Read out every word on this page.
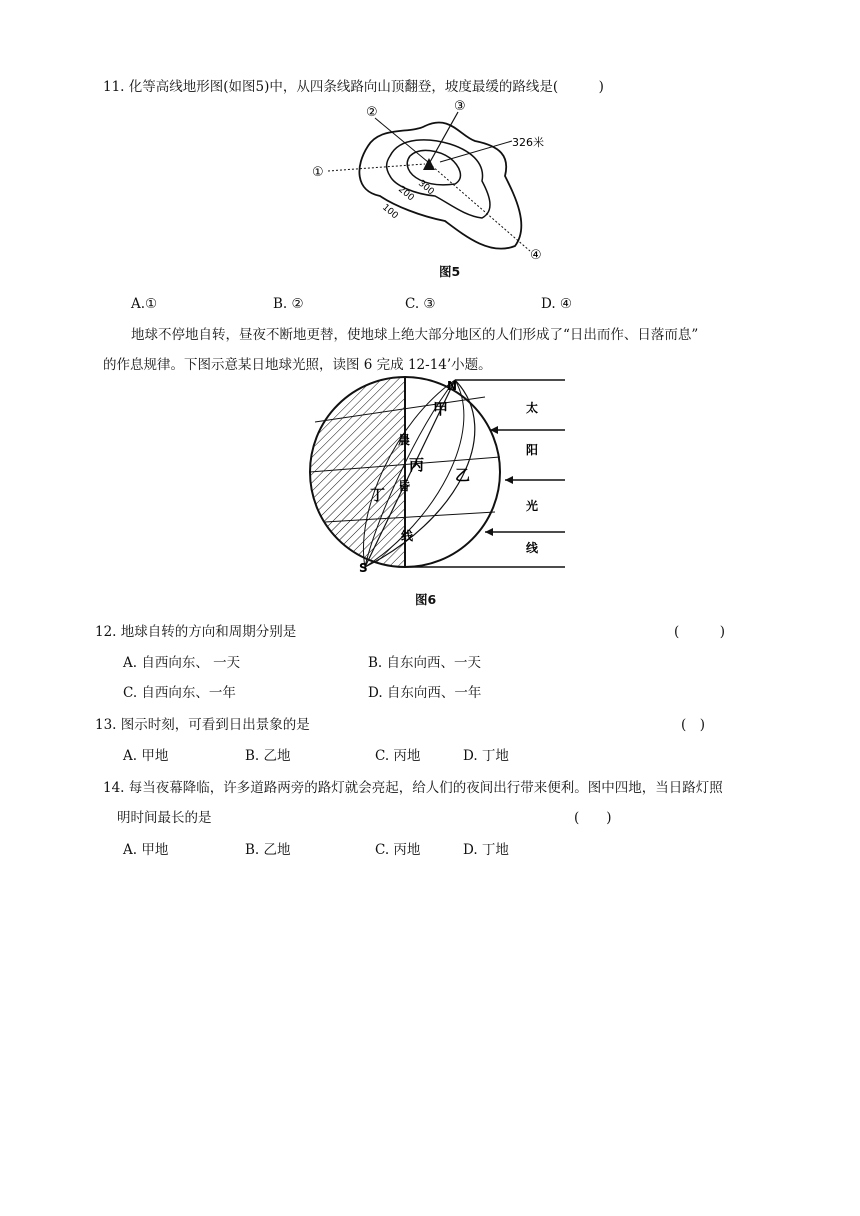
11. 化等高线地形图(如图5)中，从四条线路向山顶翻登，坡度最缓的路线是(　　　)
①
②	③
④
326米
300
200
100
图5
A.①	B. ②	C. ③	D. ④
地球不停地自转，昼夜不断地更替，使地球上绝大部分地区的人们形成了“日出而作、日落而息”
的作息规律。下图示意某日地球光照，读图 6 完成 12-14’小题。
N
S
甲
乙
丙
丁
晨
昏
线
太
阳
光
线
图6
12. 地球自转的方向和周期分别是	(　　　)
A. 自西向东、 一天	B. 自东向西、一天
C. 自西向东、一年	D. 自东向西、一年
13. 图示时刻，可看到日出景象的是	(　)
A. 甲地	B. 乙地	C. 丙地	D. 丁地
14. 每当夜幕降临，许多道路两旁的路灯就会亮起，给人们的夜间出行带来便利。图中四地，当日路灯照
明时间最长的是	(　　)
A. 甲地	B. 乙地	C. 丙地	D. 丁地
